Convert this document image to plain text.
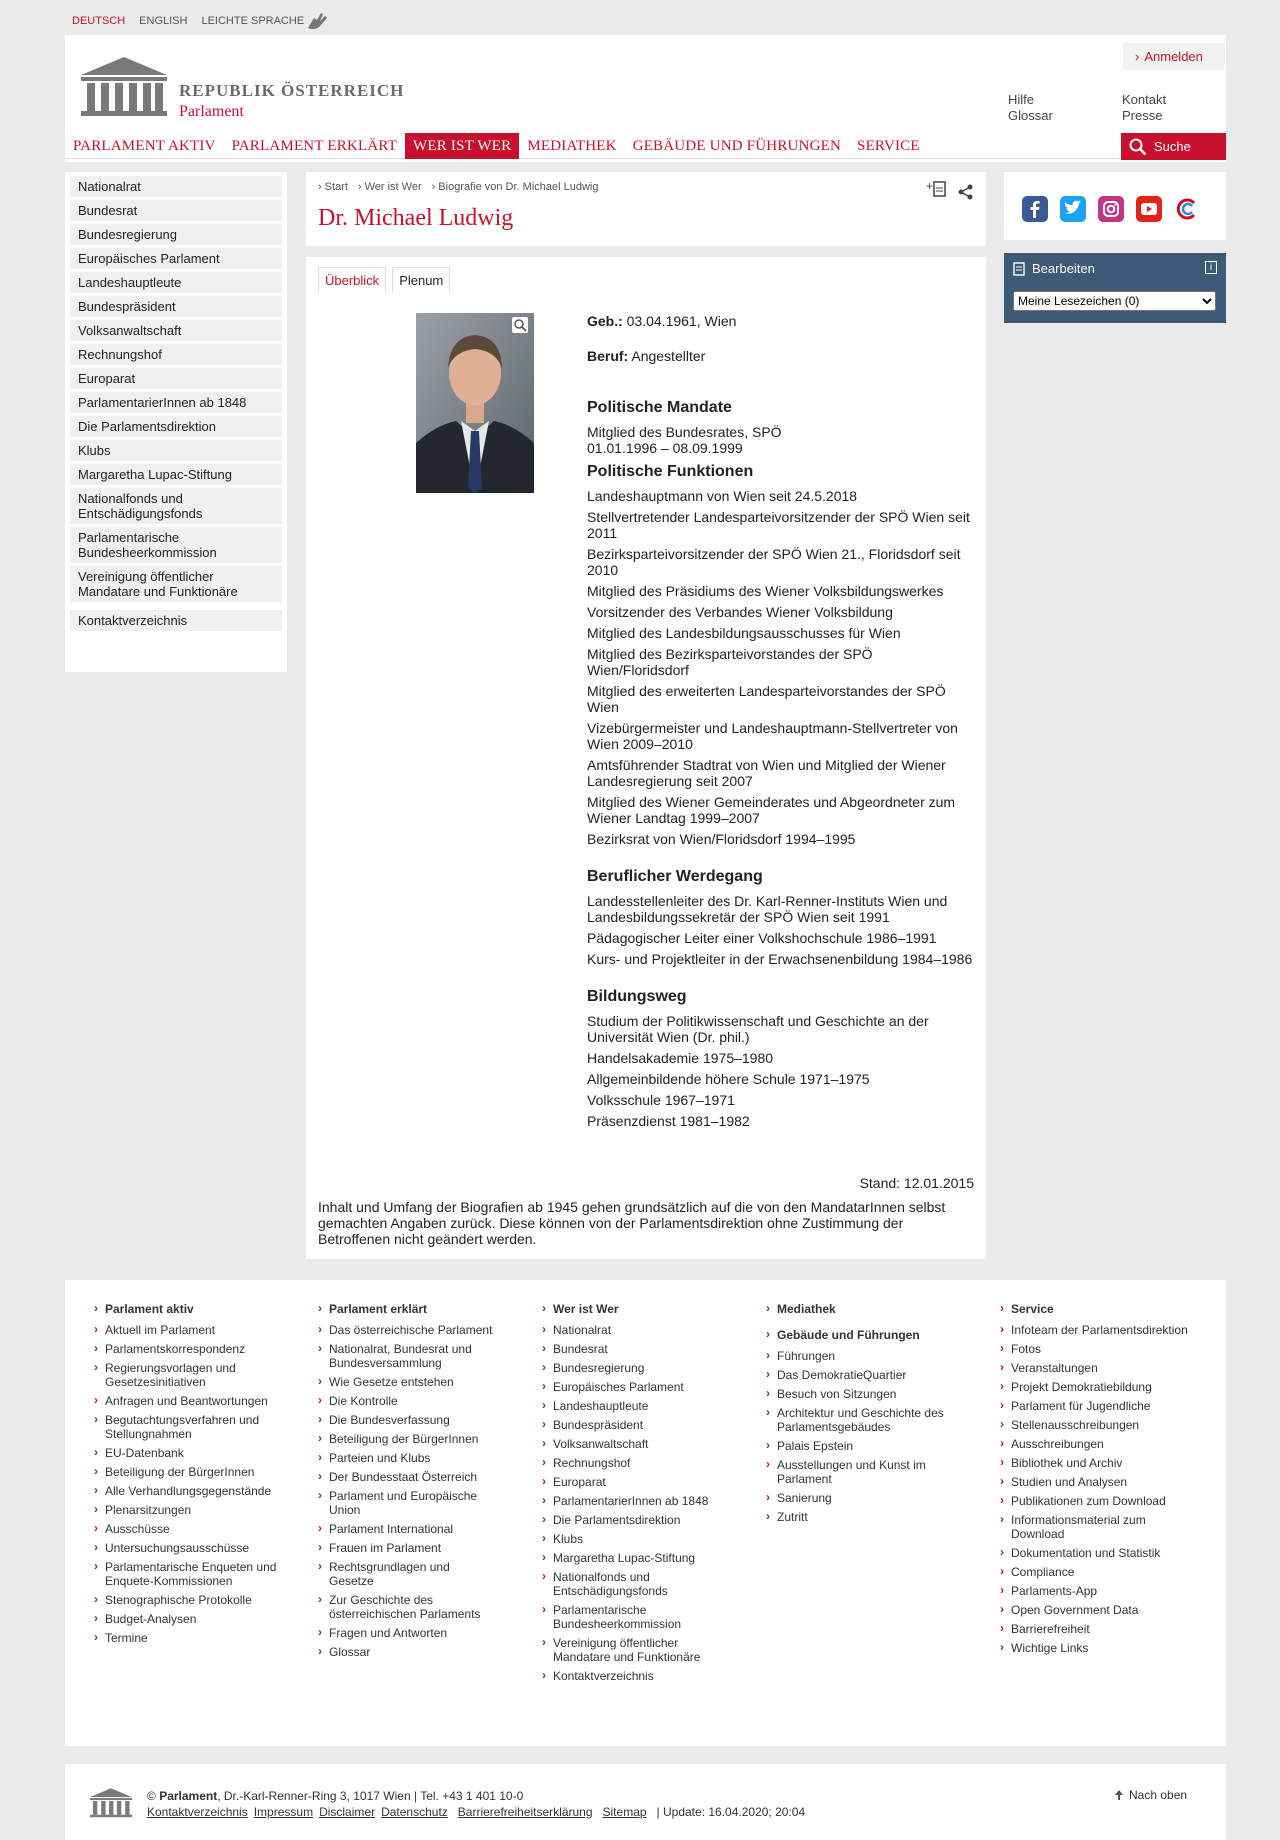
DEUTSCH ENGLISH LEICHTE SPRACHE
REPUBLIK ÖSTERREICH
Parlament
› Anmelden
Hilfe
Glossar
Kontakt
Presse
PARLAMENT AKTIV	PARLAMENT ERKLÄRT	WER IST WER	MEDIATHEK	GEBÄUDE UND FÜHRUNGEN	SERVICE	Suche
Nationalrat
Bundesrat
Bundesregierung
Europäisches Parlament
Landeshauptleute
Bundespräsident
Volksanwaltschaft
Rechnungshof
Europarat
ParlamentarierInnen ab 1848
Die Parlamentsdirektion
Klubs
Margaretha Lupac-Stiftung
Nationalfonds und Entschädigungsfonds
Parlamentarische Bundesheerkommission
Vereinigung öffentlicher Mandatare und Funktionäre
Kontaktverzeichnis
› Start	› Wer ist Wer	› Biografie von Dr. Michael Ludwig	+
Dr. Michael Ludwig
Überblick	Plenum

Geb.: 03.04.1961, Wien

Beruf: Angestellter

Politische Mandate
Mitglied des Bundesrates, SPÖ
01.01.1996 – 08.09.1999
Politische Funktionen

Landeshauptmann von Wien seit 24.5.2018

Stellvertretender Landesparteivorsitzender der SPÖ Wien seit 2011

Bezirksparteivorsitzender der SPÖ Wien 21., Floridsdorf seit 2010

Mitglied des Präsidiums des Wiener Volksbildungswerkes

Vorsitzender des Verbandes Wiener Volksbildung

Mitglied des Landesbildungsausschusses für Wien

Mitglied des Bezirksparteivorstandes der SPÖ Wien/Floridsdorf

Mitglied des erweiterten Landesparteivorstandes der SPÖ Wien

Vizebürgermeister und Landeshauptmann-Stellvertreter von Wien 2009–2010

Amtsführender Stadtrat von Wien und Mitglied der Wiener Landesregierung seit 2007

Mitglied des Wiener Gemeinderates und Abgeordneter zum Wiener Landtag 1999–2007

Bezirksrat von Wien/Floridsdorf 1994–1995

Beruflicher Werdegang

Landesstellenleiter des Dr. Karl-Renner-Instituts Wien und Landesbildungssekretär der SPÖ Wien seit 1991

Pädagogischer Leiter einer Volkshochschule 1986–1991

Kurs- und Projektleiter in der Erwachsenenbildung 1984–1986

Bildungsweg

Studium der Politikwissenschaft und Geschichte an der Universität Wien (Dr. phil.)

Handelsakademie 1975–1980

Allgemeinbildende höhere Schule 1971–1975

Volksschule 1967–1971

Präsenzdienst 1981–1982

Stand: 12.01.2015
Inhalt und Umfang der Biografien ab 1945 gehen grundsätzlich auf die von den MandatarInnen selbst gemachten Angaben zurück. Diese können von der Parlamentsdirektion ohne Zustimmung der Betroffenen nicht geändert werden.
Bearbeiten	i
Meine Lesezeichen (0)
› Parlament aktiv
› Aktuell im Parlament
› Parlamentskorrespondenz
› Regierungsvorlagen und Gesetzesinitiativen
› Anfragen und Beantwortungen
› Begutachtungsverfahren und Stellungnahmen
› EU-Datenbank
› Beteiligung der BürgerInnen
› Alle Verhandlungsgegenstände
› Plenarsitzungen
› Ausschüsse
› Untersuchungsausschüsse
› Parlamentarische Enqueten und Enquete-Kommissionen
› Stenographische Protokolle
› Budget-Analysen
› Termine
› Parlament erklärt
› Das österreichische Parlament
› Nationalrat, Bundesrat und Bundesversammlung
› Wie Gesetze entstehen
› Die Kontrolle
› Die Bundesverfassung
› Beteiligung der BürgerInnen
› Parteien und Klubs
› Der Bundesstaat Österreich
› Parlament und Europäische Union
› Parlament International
› Frauen im Parlament
› Rechtsgrundlagen und Gesetze
› Zur Geschichte des österreichischen Parlaments
› Fragen und Antworten
› Glossar
› Wer ist Wer
› Nationalrat
› Bundesrat
› Bundesregierung
› Europäisches Parlament
› Landeshauptleute
› Bundespräsident
› Volksanwaltschaft
› Rechnungshof
› Europarat
› ParlamentarierInnen ab 1848
› Die Parlamentsdirektion
› Klubs
› Margaretha Lupac-Stiftung
› Nationalfonds und Entschädigungsfonds
› Parlamentarische Bundesheerkommission
› Vereinigung öffentlicher Mandatare und Funktionäre
› Kontaktverzeichnis
› Mediathek
› Gebäude und Führungen
› Führungen
› Das DemokratieQuartier
› Besuch von Sitzungen
› Architektur und Geschichte des Parlamentsgebäudes
› Palais Epstein
› Ausstellungen und Kunst im Parlament
› Sanierung
› Zutritt
› Service
› Infoteam der Parlamentsdirektion
› Fotos
› Veranstaltungen
› Projekt Demokratiebildung
› Parlament für Jugendliche
› Stellenausschreibungen
› Ausschreibungen
› Bibliothek und Archiv
› Studien und Analysen
› Publikationen zum Download
› Informationsmaterial zum Download
› Dokumentation und Statistik
› Compliance
› Parlaments-App
› Open Government Data
› Barrierefreiheit
› Wichtige Links
© Parlament, Dr.-Karl-Renner-Ring 3, 1017 Wien | Tel. +43 1 401 10-0
Kontaktverzeichnis Impressum Disclaimer Datenschutz Barrierefreiheitserklärung Sitemap | Update: 16.04.2020; 20:04
Nach oben
